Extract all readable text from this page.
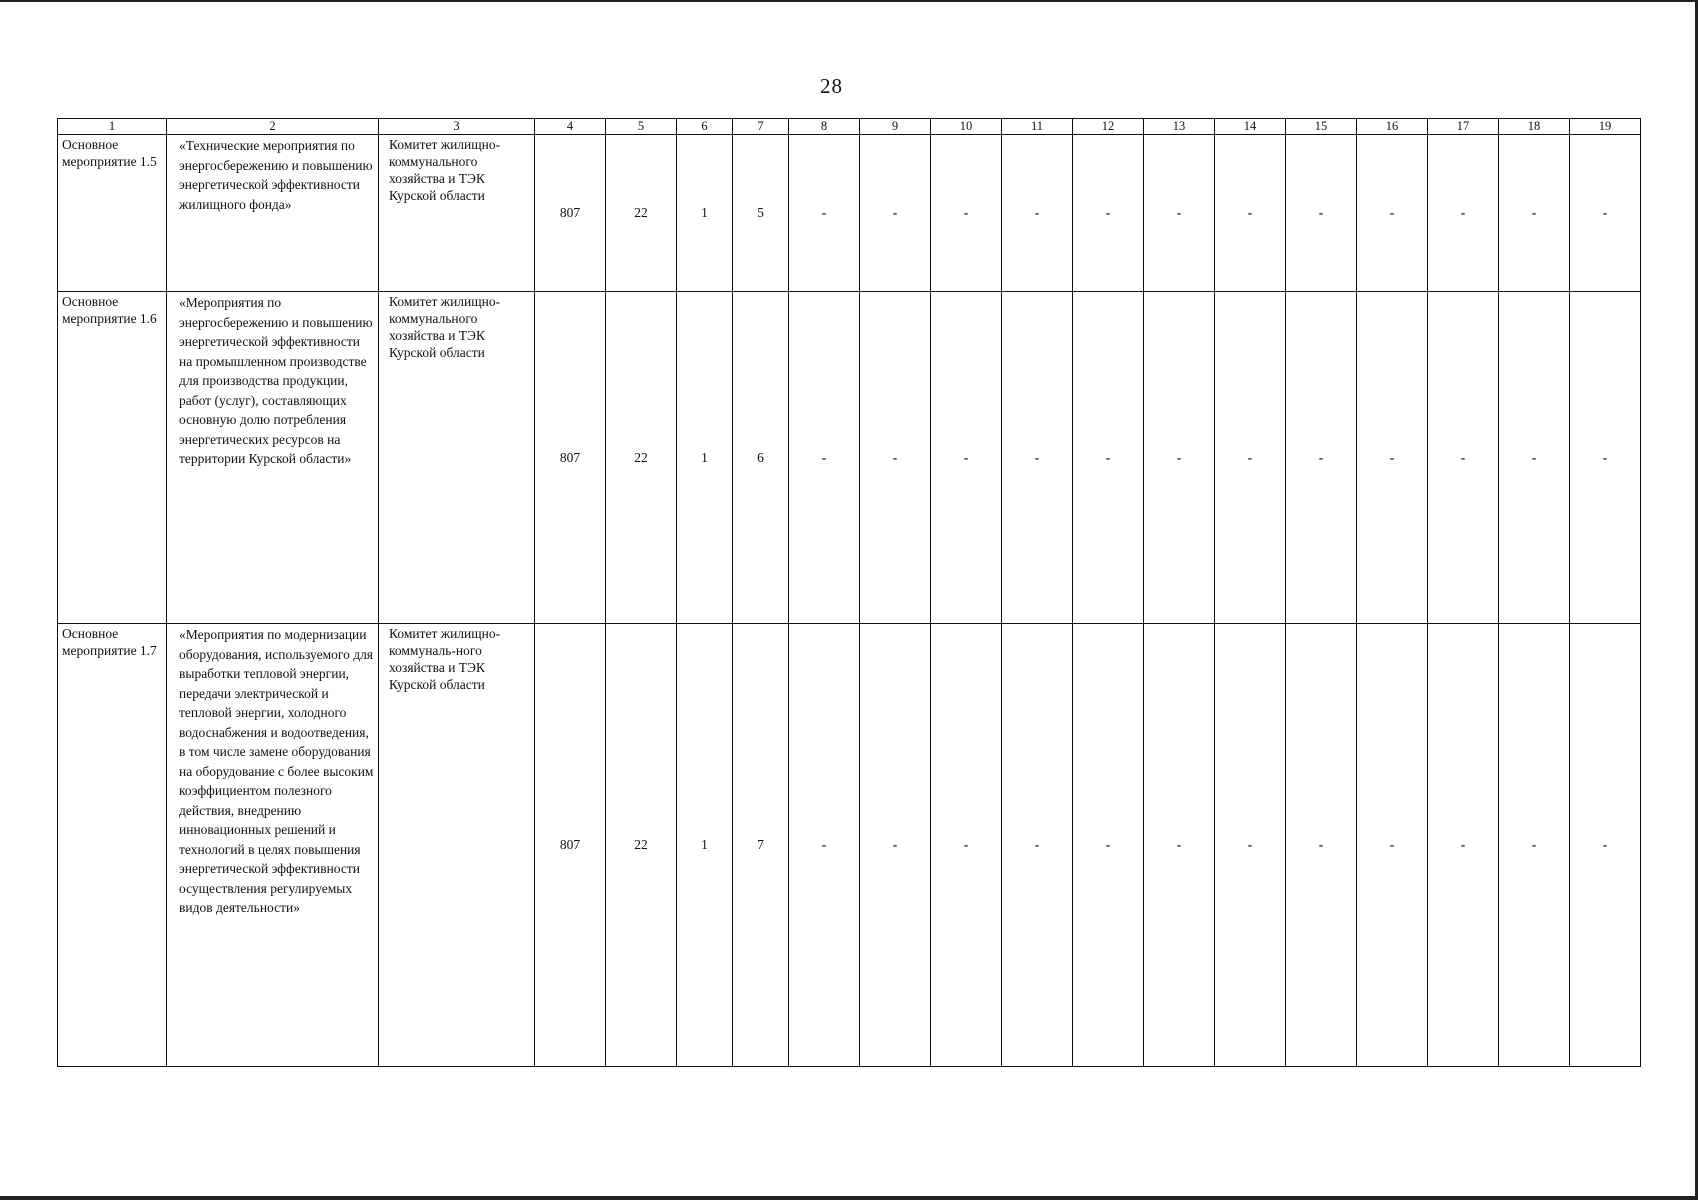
28
1	2	3	4	5	6	7	8	9	10	11	12	13	14	15	16	17	18	19
Основное мероприятие 1.5	«Технические мероприятия по энергосбережению и повышению энергетической эффективности жилищного фонда»	Комитет жилищно-коммунального хозяйства и ТЭК Курской области	807	22	1	5	-	-	-	-	-	-	-	-	-	-	-	-
Основное мероприятие 1.6	«Мероприятия по энергосбережению и повышению энергетической эффективности на промышленном производстве для производства продукции, работ (услуг), составляющих основную долю потребления энергетических ресурсов на территории Курской области»	Комитет жилищно-коммунального хозяйства и ТЭК Курской области	807	22	1	6	-	-	-	-	-	-	-	-	-	-	-	-
Основное мероприятие 1.7	«Мероприятия по модернизации оборудования, используемого для выработки тепловой энергии, передачи электрической и тепловой энергии, холодного водоснабжения и водоотведения, в том числе замене оборудования на оборудование с более высоким коэффициентом полезного действия, внедрению инновационных решений и технологий в целях повышения энергетической эффективности осуществления регулируемых видов деятельности»	Комитет жилищно-коммуналь-ного хозяйства и ТЭК Курской области	807	22	1	7	-	-	-	-	-	-	-	-	-	-	-	-
